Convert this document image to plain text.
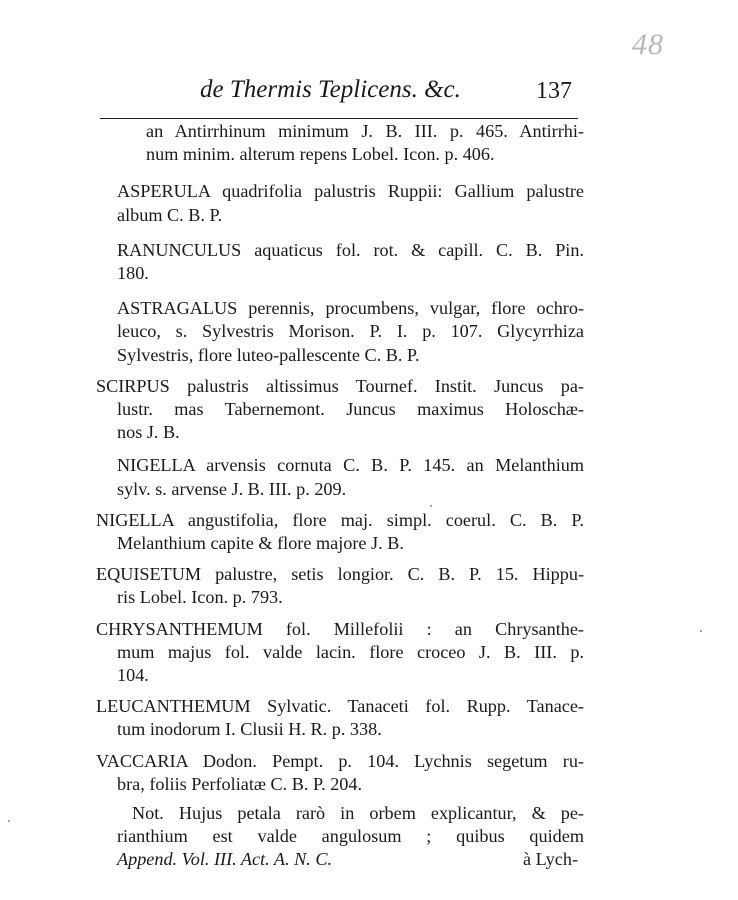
48
de Thermis Teplicens. &c.	137
an Antirrhinum minimum J. B. III. p. 465. Antirrhi-
num minim. alterum repens Lobel. Icon. p. 406.
ASPERULA quadrifolia palustris Ruppii: Gallium palustre
album C. B. P.
RANUNCULUS aquaticus fol. rot. & capill. C. B. Pin.
180.
ASTRAGALUS perennis, procumbens, vulgar, flore ochro-
leuco, s. Sylvestris Morison. P. I. p. 107. Glycyrrhiza
Sylvestris, flore luteo-pallescente C. B. P.
SCIRPUS palustris altissimus Tournef. Instit. Juncus pa-
lustr. mas Tabernemont. Juncus maximus Holoschæ-
nos J. B.
NIGELLA arvensis cornuta C. B. P. 145. an Melanthium
sylv. s. arvense J. B. III. p. 209.
NIGELLA angustifolia, flore maj. simpl. coerul. C. B. P.
Melanthium capite & flore majore J. B.
EQUISETUM palustre, setis longior. C. B. P. 15. Hippu-
ris Lobel. Icon. p. 793.
CHRYSANTHEMUM fol. Millefolii : an Chrysanthe-
mum majus fol. valde lacin. flore croceo J. B. III. p.
104.
LEUCANTHEMUM Sylvatic. Tanaceti fol. Rupp. Tanace-
tum inodorum I. Clusii H. R. p. 338.
VACCARIA Dodon. Pempt. p. 104. Lychnis segetum ru-
bra, foliis Perfoliatæ C. B. P. 204.
Not. Hujus petala rarò in orbem explicantur, & pe-
rianthium est valde angulosum ; quibus quidem
Append. Vol. III. Act. A. N. C.	à Lych-
